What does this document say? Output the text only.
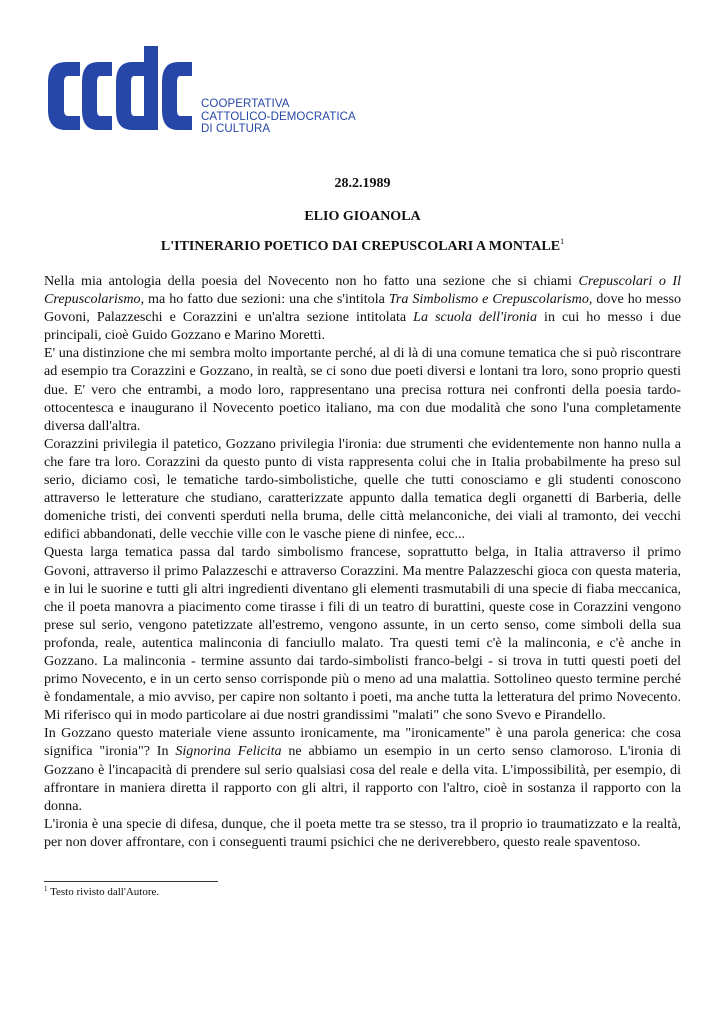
COOPERTATIVA
CATTOLICO-DEMOCRATICA
DI CULTURA
28.2.1989
ELIO GIOANOLA
L'ITINERARIO POETICO DAI CREPUSCOLARI A MONTALE$^1$

Nella mia antologia della poesia del Novecento non ho fatto una sezione che si chiami Crepuscolari o Il Crepuscolarismo, ma ho fatto due sezioni: una che s'intitola Tra Simbolismo e Crepuscolarismo, dove ho messo Govoni, Palazzeschi e Corazzini e un'altra sezione intitolata La scuola dell'ironia in cui ho messo i due principali, cioè Guido Gozzano e Marino Moretti.

E' una distinzione che mi sembra molto importante perché, al di là di una comune tematica che si può riscontrare ad esempio tra Corazzini e Gozzano, in realtà, se ci sono due poeti diversi e lontani tra loro, sono proprio questi due. E' vero che entrambi, a modo loro, rappresentano una precisa rottura nei confronti della poesia tardo-ottocentesca e inaugurano il Novecento poetico italiano, ma con due modalità che sono l'una completamente diversa dall'altra.

Corazzini privilegia il patetico, Gozzano privilegia l'ironia: due strumenti che evidentemente non hanno nulla a che fare tra loro. Corazzini da questo punto di vista rappresenta colui che in Italia probabilmente ha preso sul serio, diciamo così, le tematiche tardo-simbolistiche, quelle che tutti conosciamo e gli studenti conoscono attraverso le letterature che studiano, caratterizzate appunto dalla tematica degli organetti di Barberia, delle domeniche tristi, dei conventi sperduti nella bruma, delle città melanconiche, dei viali al tramonto, dei vecchi edifici abbandonati, delle vecchie ville con le vasche piene di ninfee, ecc...

Questa larga tematica passa dal tardo simbolismo francese, soprattutto belga, in Italia attraverso il primo Govoni, attraverso il primo Palazzeschi e attraverso Corazzini. Ma mentre Palazzeschi gioca con questa materia, e in lui le suorine e tutti gli altri ingredienti diventano gli elementi trasmutabili di una specie di fiaba meccanica, che il poeta manovra a piacimento come tirasse i fili di un teatro di burattini, queste cose in Corazzini vengono prese sul serio, vengono patetizzate all'estremo, vengono assunte, in un certo senso, come simboli della sua profonda, reale, autentica malinconia di fanciullo malato. Tra questi temi c'è la malinconia, e c'è anche in Gozzano. La malinconia - termine assunto dai tardo-simbolisti franco-belgi - si trova in tutti questi poeti del primo Novecento, e in un certo senso corrisponde più o meno ad una malattia. Sottolineo questo termine perché è fondamentale, a mio avviso, per capire non soltanto i poeti, ma anche tutta la letteratura del primo Novecento. Mi riferisco qui in modo particolare ai due nostri grandissimi "malati" che sono Svevo e Pirandello.

In Gozzano questo materiale viene assunto ironicamente, ma "ironicamente" è una parola generica: che cosa significa "ironia"? In Signorina Felicita ne abbiamo un esempio in un certo senso clamoroso. L'ironia di Gozzano è l'incapacità di prendere sul serio qualsiasi cosa del reale e della vita. L'impossibilità, per esempio, di affrontare in maniera diretta il rapporto con gli altri, il rapporto con l'altro, cioè in sostanza il rapporto con la donna.

L'ironia è una specie di difesa, dunque, che il poeta mette tra se stesso, tra il proprio io traumatizzato e la realtà, per non dover affrontare, con i conseguenti traumi psichici che ne deriverebbero, questo reale spaventoso.

$^1$ Testo rivisto dall'Autore.
